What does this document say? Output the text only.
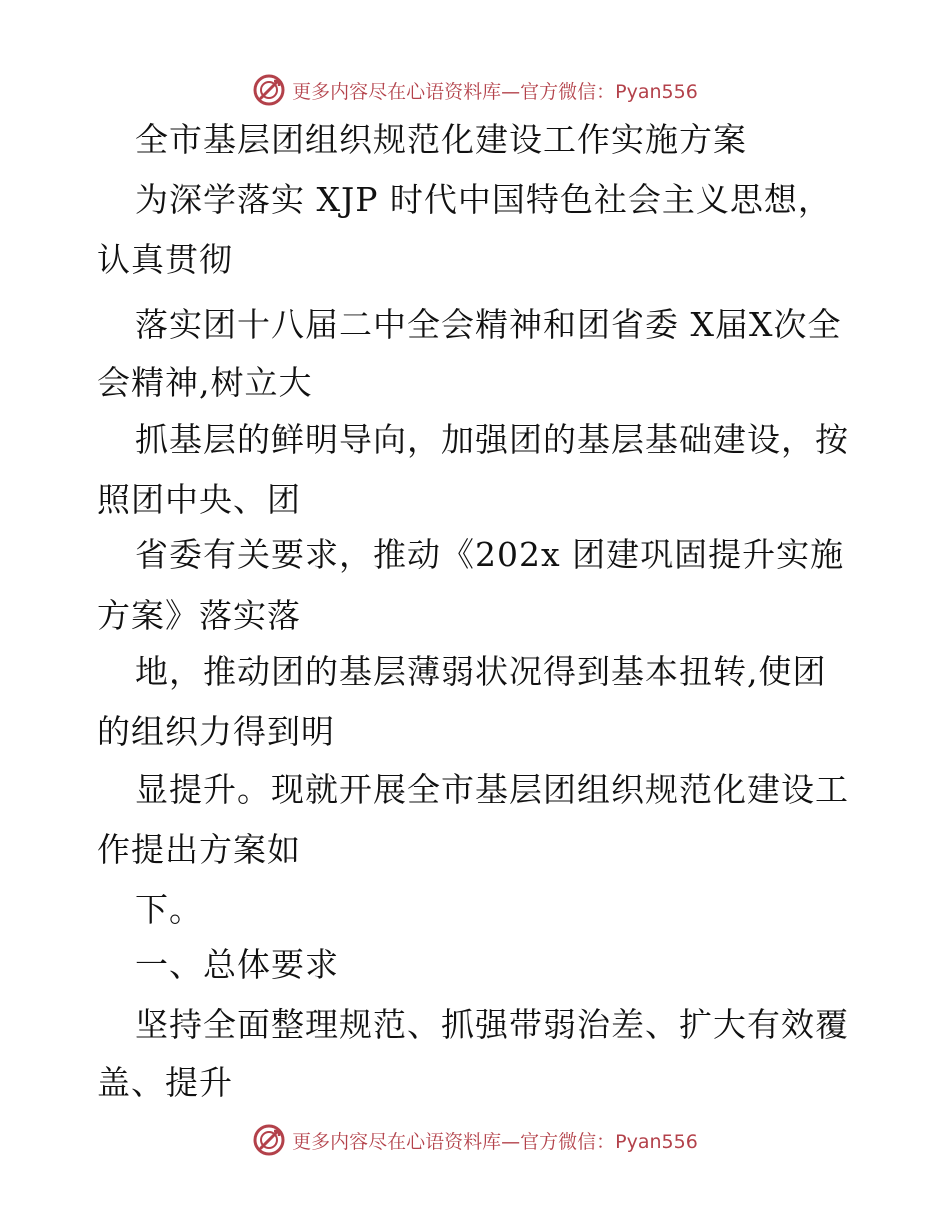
更多内容尽在心语资料库—官方微信：Pyan556
全市基层团组织规范化建设工作实施方案
为深学落实 XJP 时代中国特色社会主义思想，
认真贯彻
落实团十八届二中全会精神和团省委 X届X次全
会精神,树立大
抓基层的鲜明导向，加强团的基层基础建设，按
照团中央、团
省委有关要求，推动《202x 团建巩固提升实施
方案》落实落
地，推动团的基层薄弱状况得到基本扭转,使团
的组织力得到明
显提升。现就开展全市基层团组织规范化建设工
作提出方案如
下。
一、总体要求
坚持全面整理规范、抓强带弱治差、扩大有效覆
盖、提升
更多内容尽在心语资料库—官方微信：Pyan556
